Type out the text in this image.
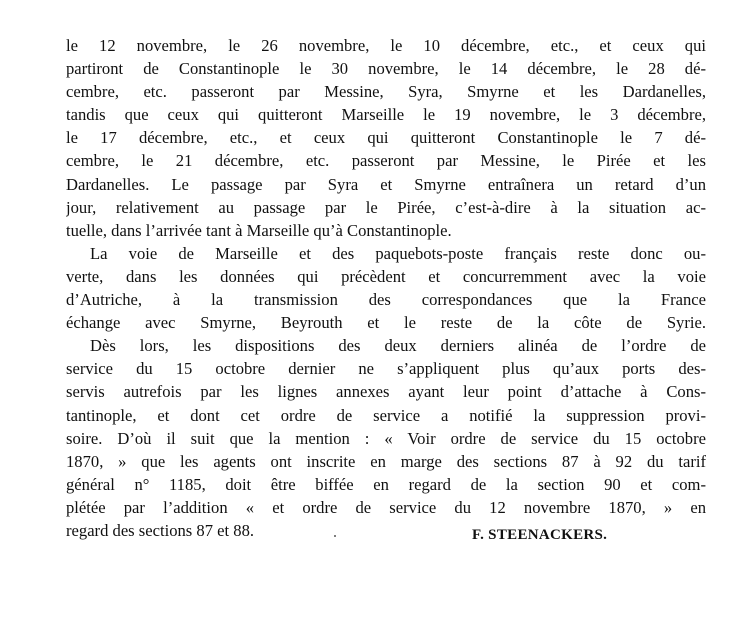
le 12 novembre, le 26 novembre, le 10 décembre, etc., et ceux qui
partiront de Constantinople le 30 novembre, le 14 décembre, le 28 dé-
cembre, etc. passeront par Messine, Syra, Smyrne et les Dardanelles,
tandis que ceux qui quitteront Marseille le 19 novembre, le 3 décembre,
le 17 décembre, etc., et ceux qui quitteront Constantinople le 7 dé-
cembre, le 21 décembre, etc. passeront par Messine, le Pirée et les
Dardanelles. Le passage par Syra et Smyrne entraînera un retard d’un
jour, relativement au passage par le Pirée, c’est-à-dire à la situation ac-
tuelle, dans l’arrivée tant à Marseille qu’à Constantinople.
La voie de Marseille et des paquebots-poste français reste donc ou-
verte, dans les données qui précèdent et concurremment avec la voie
d’Autriche, à la transmission des correspondances que la France
échange avec Smyrne, Beyrouth et le reste de la côte de Syrie.
Dès lors, les dispositions des deux derniers alinéa de l’ordre de
service du 15 octobre dernier ne s’appliquent plus qu’aux ports des-
servis autrefois par les lignes annexes ayant leur point d’attache à Cons-
tantinople, et dont cet ordre de service a notifié la suppression provi-
soire. D’où il suit que la mention : « Voir ordre de service du 15 octobre
1870, » que les agents ont inscrite en marge des sections 87 à 92 du tarif
général n° 1185, doit être biffée en regard de la section 90 et com-
plétée par l’addition « et ordre de service du 12 novembre 1870, » en
regard des sections 87 et 88.	F. STEENACKERS.
